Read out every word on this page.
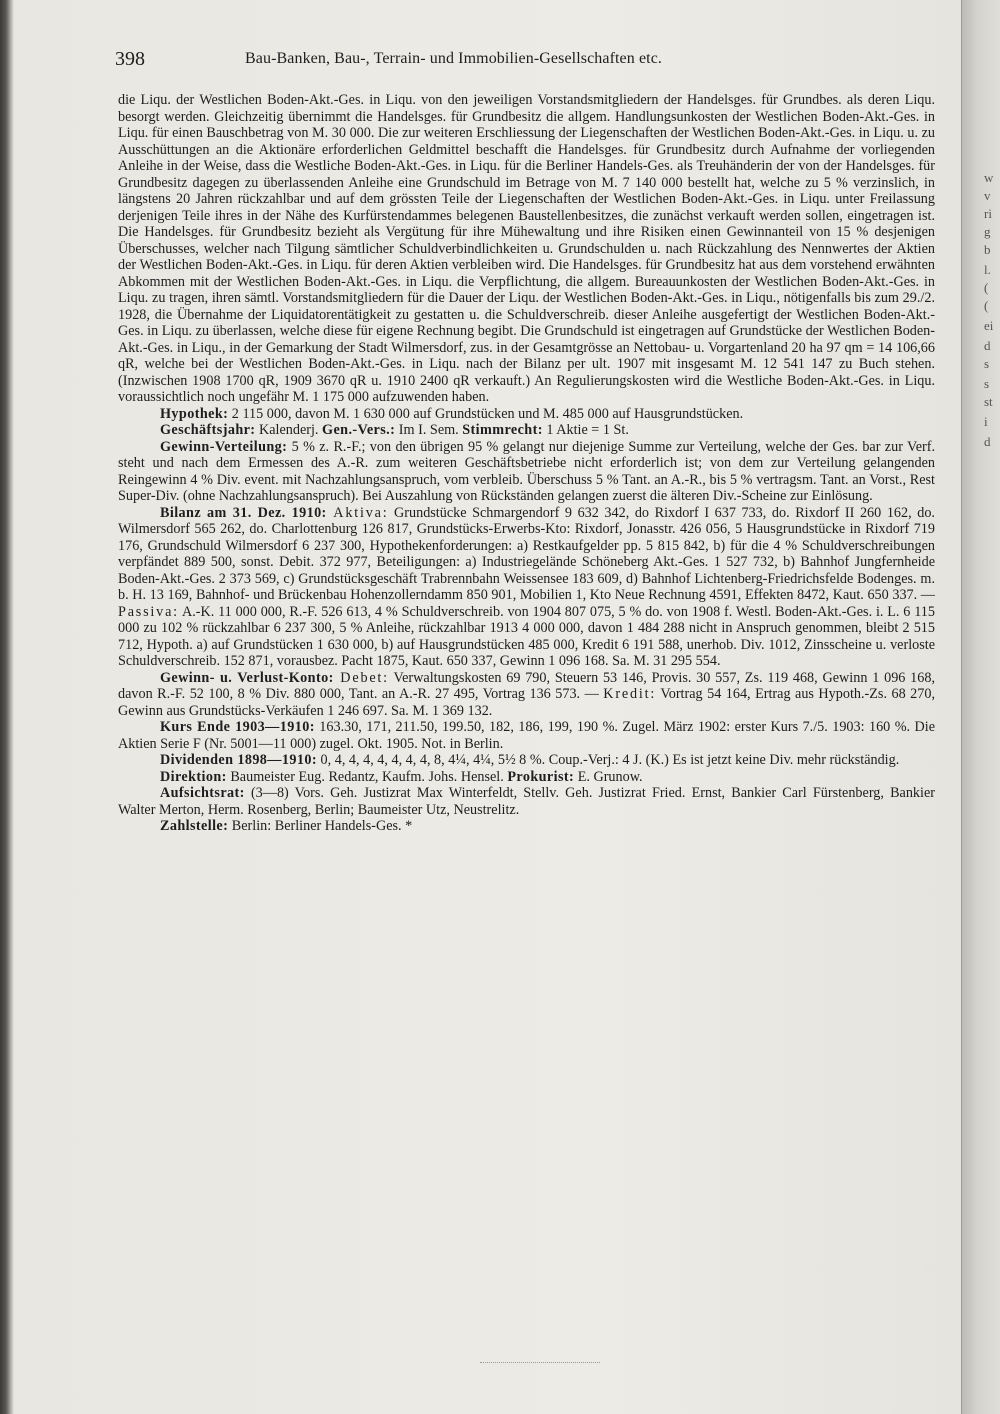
w
v
ri
g
b
l.
(
(
ei
d
s
s
st
i
d
398	Bau-Banken, Bau-, Terrain- und Immobilien-Gesellschaften etc.

die Liqu. der Westlichen Boden-Akt.-Ges. in Liqu. von den jeweiligen Vorstandsmitgliedern der Handelsges. für Grundbes. als deren Liqu. besorgt werden. Gleichzeitig übernimmt die Handelsges. für Grundbesitz die allgem. Handlungsunkosten der Westlichen Boden-Akt.-Ges. in Liqu. für einen Bauschbetrag von M. 30 000. Die zur weiteren Erschliessung der Liegenschaften der Westlichen Boden-Akt.-Ges. in Liqu. u. zu Ausschüttungen an die Aktionäre erforderlichen Geldmittel beschafft die Handelsges. für Grundbesitz durch Aufnahme der vorliegenden Anleihe in der Weise, dass die Westliche Boden-Akt.-Ges. in Liqu. für die Berliner Handels-Ges. als Treuhänderin der von der Handelsges. für Grundbesitz dagegen zu überlassenden Anleihe eine Grundschuld im Betrage von M. 7 140 000 bestellt hat, welche zu 5 % verzinslich, in längstens 20 Jahren rückzahlbar und auf dem grössten Teile der Liegenschaften der Westlichen Boden-Akt.-Ges. in Liqu. unter Freilassung derjenigen Teile ihres in der Nähe des Kurfürstendammes belegenen Baustellenbesitzes, die zunächst verkauft werden sollen, eingetragen ist. Die Handelsges. für Grundbesitz bezieht als Vergütung für ihre Mühewaltung und ihre Risiken einen Gewinnanteil von 15 % desjenigen Überschusses, welcher nach Tilgung sämtlicher Schuldverbindlichkeiten u. Grundschulden u. nach Rückzahlung des Nennwertes der Aktien der Westlichen Boden-Akt.-Ges. in Liqu. für deren Aktien verbleiben wird. Die Handelsges. für Grundbesitz hat aus dem vorstehend erwähnten Abkommen mit der Westlichen Boden-Akt.-Ges. in Liqu. die Verpflichtung, die allgem. Bureauunkosten der Westlichen Boden-Akt.-Ges. in Liqu. zu tragen, ihren sämtl. Vorstandsmitgliedern für die Dauer der Liqu. der Westlichen Boden-Akt.-Ges. in Liqu., nötigenfalls bis zum 29./2. 1928, die Übernahme der Liquidatorentätigkeit zu gestatten u. die Schuldverschreib. dieser Anleihe ausgefertigt der Westlichen Boden-Akt.-Ges. in Liqu. zu überlassen, welche diese für eigene Rechnung begibt. Die Grundschuld ist eingetragen auf Grundstücke der Westlichen Boden-Akt.-Ges. in Liqu., in der Gemarkung der Stadt Wilmersdorf, zus. in der Gesamtgrösse an Nettobau- u. Vorgartenland 20 ha 97 qm = 14 106,66 qR, welche bei der Westlichen Boden-Akt.-Ges. in Liqu. nach der Bilanz per ult. 1907 mit insgesamt M. 12 541 147 zu Buch stehen. (Inzwischen 1908 1700 qR, 1909 3670 qR u. 1910 2400 qR verkauft.) An Regulierungskosten wird die Westliche Boden-Akt.-Ges. in Liqu. voraussichtlich noch ungefähr M. 1 175 000 aufzuwenden haben.

Hypothek: 2 115 000, davon M. 1 630 000 auf Grundstücken und M. 485 000 auf Hausgrundstücken.

Geschäftsjahr: Kalenderj. Gen.-Vers.: Im I. Sem. Stimmrecht: 1 Aktie = 1 St.

Gewinn-Verteilung: 5 % z. R.-F.; von den übrigen 95 % gelangt nur diejenige Summe zur Verteilung, welche der Ges. bar zur Verf. steht und nach dem Ermessen des A.-R. zum weiteren Geschäftsbetriebe nicht erforderlich ist; von dem zur Verteilung gelangenden Reingewinn 4 % Div. event. mit Nachzahlungsanspruch, vom verbleib. Überschuss 5 % Tant. an A.-R., bis 5 % vertragsm. Tant. an Vorst., Rest Super-Div. (ohne Nachzahlungsanspruch). Bei Auszahlung von Rückständen gelangen zuerst die älteren Div.-Scheine zur Einlösung.

Bilanz am 31. Dez. 1910: Aktiva: Grundstücke Schmargendorf 9 632 342, do Rixdorf I 637 733, do. Rixdorf II 260 162, do. Wilmersdorf 565 262, do. Charlottenburg 126 817, Grundstücks-Erwerbs-Kto: Rixdorf, Jonasstr. 426 056, 5 Hausgrundstücke in Rixdorf 719 176, Grundschuld Wilmersdorf 6 237 300, Hypothekenforderungen: a) Restkaufgelder pp. 5 815 842, b) für die 4 % Schuldverschreibungen verpfändet 889 500, sonst. Debit. 372 977, Beteiligungen: a) Industriegelände Schöneberg Akt.-Ges. 1 527 732, b) Bahnhof Jungfernheide Boden-Akt.-Ges. 2 373 569, c) Grundstücksgeschäft Trabrennbahn Weissensee 183 609, d) Bahnhof Lichtenberg-Friedrichsfelde Bodenges. m. b. H. 13 169, Bahnhof- und Brückenbau Hohenzollerndamm 850 901, Mobilien 1, Kto Neue Rechnung 4591, Effekten 8472, Kaut. 650 337. — Passiva: A.-K. 11 000 000, R.-F. 526 613, 4 % Schuldverschreib. von 1904 807 075, 5 % do. von 1908 f. Westl. Boden-Akt.-Ges. i. L. 6 115 000 zu 102 % rückzahlbar 6 237 300, 5 % Anleihe, rückzahlbar 1913 4 000 000, davon 1 484 288 nicht in Anspruch genommen, bleibt 2 515 712, Hypoth. a) auf Grundstücken 1 630 000, b) auf Hausgrundstücken 485 000, Kredit 6 191 588, unerhob. Div. 1012, Zinsscheine u. verloste Schuldverschreib. 152 871, vorausbez. Pacht 1875, Kaut. 650 337, Gewinn 1 096 168. Sa. M. 31 295 554.

Gewinn- u. Verlust-Konto: Debet: Verwaltungskosten 69 790, Steuern 53 146, Provis. 30 557, Zs. 119 468, Gewinn 1 096 168, davon R.-F. 52 100, 8 % Div. 880 000, Tant. an A.-R. 27 495, Vortrag 136 573. — Kredit: Vortrag 54 164, Ertrag aus Hypoth.-Zs. 68 270, Gewinn aus Grundstücks-Verkäufen 1 246 697. Sa. M. 1 369 132.

Kurs Ende 1903—1910: 163.30, 171, 211.50, 199.50, 182, 186, 199, 190 %. Zugel. März 1902: erster Kurs 7./5. 1903: 160 %. Die Aktien Serie F (Nr. 5001—11 000) zugel. Okt. 1905. Not. in Berlin.

Dividenden 1898—1910: 0, 4, 4, 4, 4, 4, 4, 4, 8, 4¼, 4¼, 5½ 8 %. Coup.-Verj.: 4 J. (K.) Es ist jetzt keine Div. mehr rückständig.

Direktion: Baumeister Eug. Redantz, Kaufm. Johs. Hensel. Prokurist: E. Grunow.

Aufsichtsrat: (3—8) Vors. Geh. Justizrat Max Winterfeldt, Stellv. Geh. Justizrat Fried. Ernst, Bankier Carl Fürstenberg, Bankier Walter Merton, Herm. Rosenberg, Berlin; Baumeister Utz, Neustrelitz.

Zahlstelle: Berlin: Berliner Handels-Ges. *
